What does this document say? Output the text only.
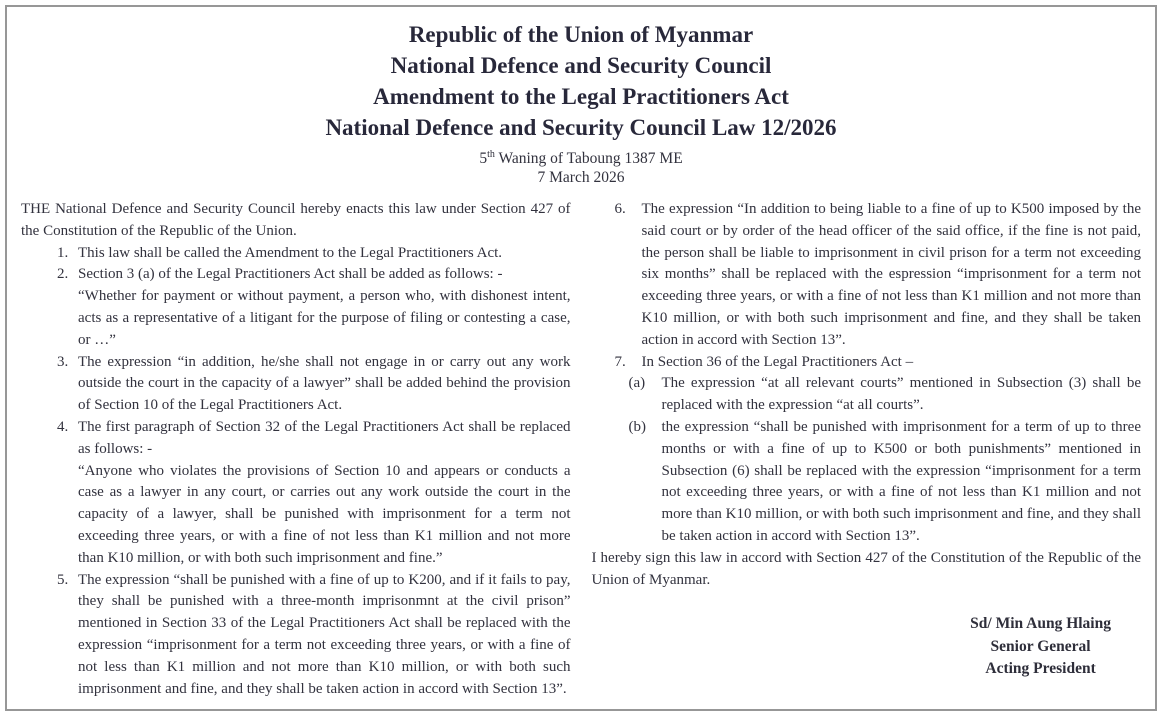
Republic of the Union of Myanmar

National Defence and Security Council

Amendment to the Legal Practitioners Act

National Defence and Security Council Law 12/2026

5th Waning of Taboung 1387 ME

7 March 2026

THE National Defence and Security Council hereby enacts this law under Section 427 of the Constitution of the Republic of the Union.

1. This law shall be called the Amendment to the Legal Practitioners Act.

2. Section 3 (a) of the Legal Practitioners Act shall be added as follows: -

“Whether for payment or without payment, a person who, with dishonest intent, acts as a representative of a litigant for the purpose of filing or contesting a case, or …”

3. The expression “in addition, he/she shall not engage in or carry out any work outside the court in the capacity of a lawyer” shall be added behind the provision of Section 10 of the Legal Practitioners Act.

4. The first paragraph of Section 32 of the Legal Practitioners Act shall be replaced as follows: -

“Anyone who violates the provisions of Section 10 and appears or conducts a case as a lawyer in any court, or carries out any work outside the court in the capacity of a lawyer, shall be punished with imprisonment for a term not exceeding three years, or with a fine of not less than K1 million and not more than K10 million, or with both such imprisonment and fine.”

5. The expression “shall be punished with a fine of up to K200, and if it fails to pay, they shall be punished with a three-month imprisonmnt at the civil prison” mentioned in Section 33 of the Legal Practitioners Act shall be replaced with the expression “imprisonment for a term not exceeding three years, or with a fine of not less than K1 million and not more than K10 million, or with both such imprisonment and fine, and they shall be taken action in accord with Section 13”.

6. The expression “In addition to being liable to a fine of up to K500 imposed by the said court or by order of the head officer of the said office, if the fine is not paid, the person shall be liable to imprisonment in civil prison for a term not exceeding six months” shall be replaced with the espression “imprisonment for a term not exceeding three years, or with a fine of not less than K1 million and not more than K10 million, or with both such imprisonment and fine, and they shall be taken action in accord with Section 13”.

7. In Section 36 of the Legal Practitioners Act –

(a) The expression “at all relevant courts” mentioned in Subsection (3) shall be replaced with the expression “at all courts”.

(b) the expression “shall be punished with imprisonment for a term of up to three months or with a fine of up to K500 or both punishments” mentioned in Subsection (6) shall be replaced with the expression “imprisonment for a term not exceeding three years, or with a fine of not less than K1 million and not more than K10 million, or with both such imprisonment and fine, and they shall be taken action in accord with Section 13”.

I hereby sign this law in accord with Section 427 of the Constitution of the Republic of the Union of Myanmar.

Sd/ Min Aung Hlaing

Senior General

Acting President
